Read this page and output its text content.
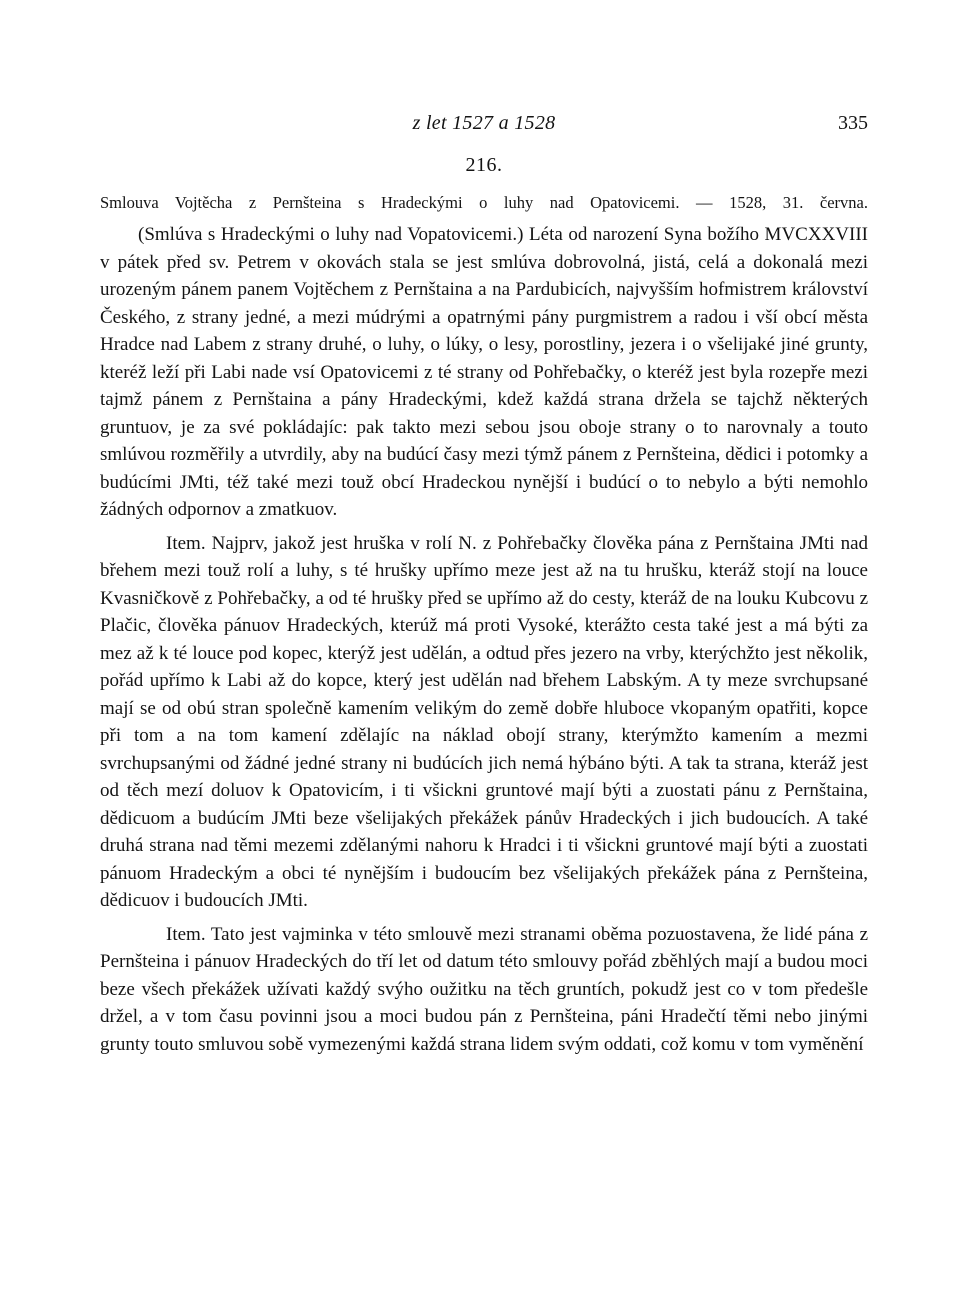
z let 1527 a 1528	335
216.
Smlouva Vojtěcha z Pernšteina s Hradeckými o luhy nad Opatovicemi. — 1528, 31. června.

(Smlúva s Hradeckými o luhy nad Vopatovicemi.) Léta od narození Syna božího MVCXXVIII v pátek před sv. Petrem v okovách stala se jest smlúva dobrovolná, jistá, celá a dokonalá mezi urozeným pánem panem Vojtěchem z Pernštaina a na Pardubicích, najvyšším hofmistrem království Českého, z strany jedné, a mezi múdrými a opatrnými pány purgmistrem a radou i vší obcí města Hradce nad Labem z strany druhé, o luhy, o lúky, o lesy, porostliny, jezera i o všelijaké jiné grunty, kteréž leží při Labi nade vsí Opatovicemi z té strany od Pohřebačky, o kteréž jest byla rozepře mezi tajmž pánem z Pernštaina a pány Hradeckými, kdež každá strana držela se tajchž některých gruntuov, je za své pokládajíc: pak takto mezi sebou jsou oboje strany o to narovnaly a touto smlúvou rozměřily a utvrdily, aby na budúcí časy mezi týmž pánem z Pernšteina, dědici i potomky a budúcími JMti, též také mezi touž obcí Hradeckou nynější i budúcí o to nebylo a býti nemohlo žádných odpornov a zmatkuov.

Item. Najprv, jakož jest hruška v rolí N. z Pohřebačky člověka pána z Pernštaina JMti nad břehem mezi touž rolí a luhy, s té hrušky upřímo meze jest až na tu hrušku, kteráž stojí na louce Kvasničkově z Pohřebačky, a od té hrušky před se upřímo až do cesty, kteráž de na louku Kubcovu z Plačic, člověka pánuov Hradeckých, kterúž má proti Vysoké, kterážto cesta také jest a má býti za mez až k té louce pod kopec, kterýž jest udělán, a odtud přes jezero na vrby, kterýchžto jest několik, pořád upřímo k Labi až do kopce, který jest udělán nad břehem Labským. A ty meze svrchupsané mají se od obú stran společně kamením velikým do země dobře hluboce vkopaným opatřiti, kopce při tom a na tom kamení zdělajíc na náklad obojí strany, kterýmžto kamením a mezmi svrchupsanými od žádné jedné strany ni budúcích jich nemá hýbáno býti. A tak ta strana, kteráž jest od těch mezí doluov k Opatovicím, i ti všickni gruntové mají býti a zuostati pánu z Pernštaina, dědicuom a budúcím JMti beze všelijakých překážek pánův Hradeckých i jich budoucích. A také druhá strana nad těmi mezemi zdělanými nahoru k Hradci i ti všickni gruntové mají býti a zuostati pánuom Hradeckým a obci té nynějším i budoucím bez všelijakých překážek pána z Pernšteina, dědicuov i budoucích JMti.

Item. Tato jest vajminka v této smlouvě mezi stranami oběma pozuostavena, že lidé pána z Pernšteina i pánuov Hradeckých do tří let od datum této smlouvy pořád zběhlých mají a budou moci beze všech překážek užívati každý svýho oužitku na těch gruntích, pokudž jest co v tom předešle držel, a v tom času povinni jsou a moci budou pán z Pernšteina, páni Hradečtí těmi nebo jinými grunty touto smluvou sobě vymezenými každá strana lidem svým oddati, což komu v tom vyměnění
